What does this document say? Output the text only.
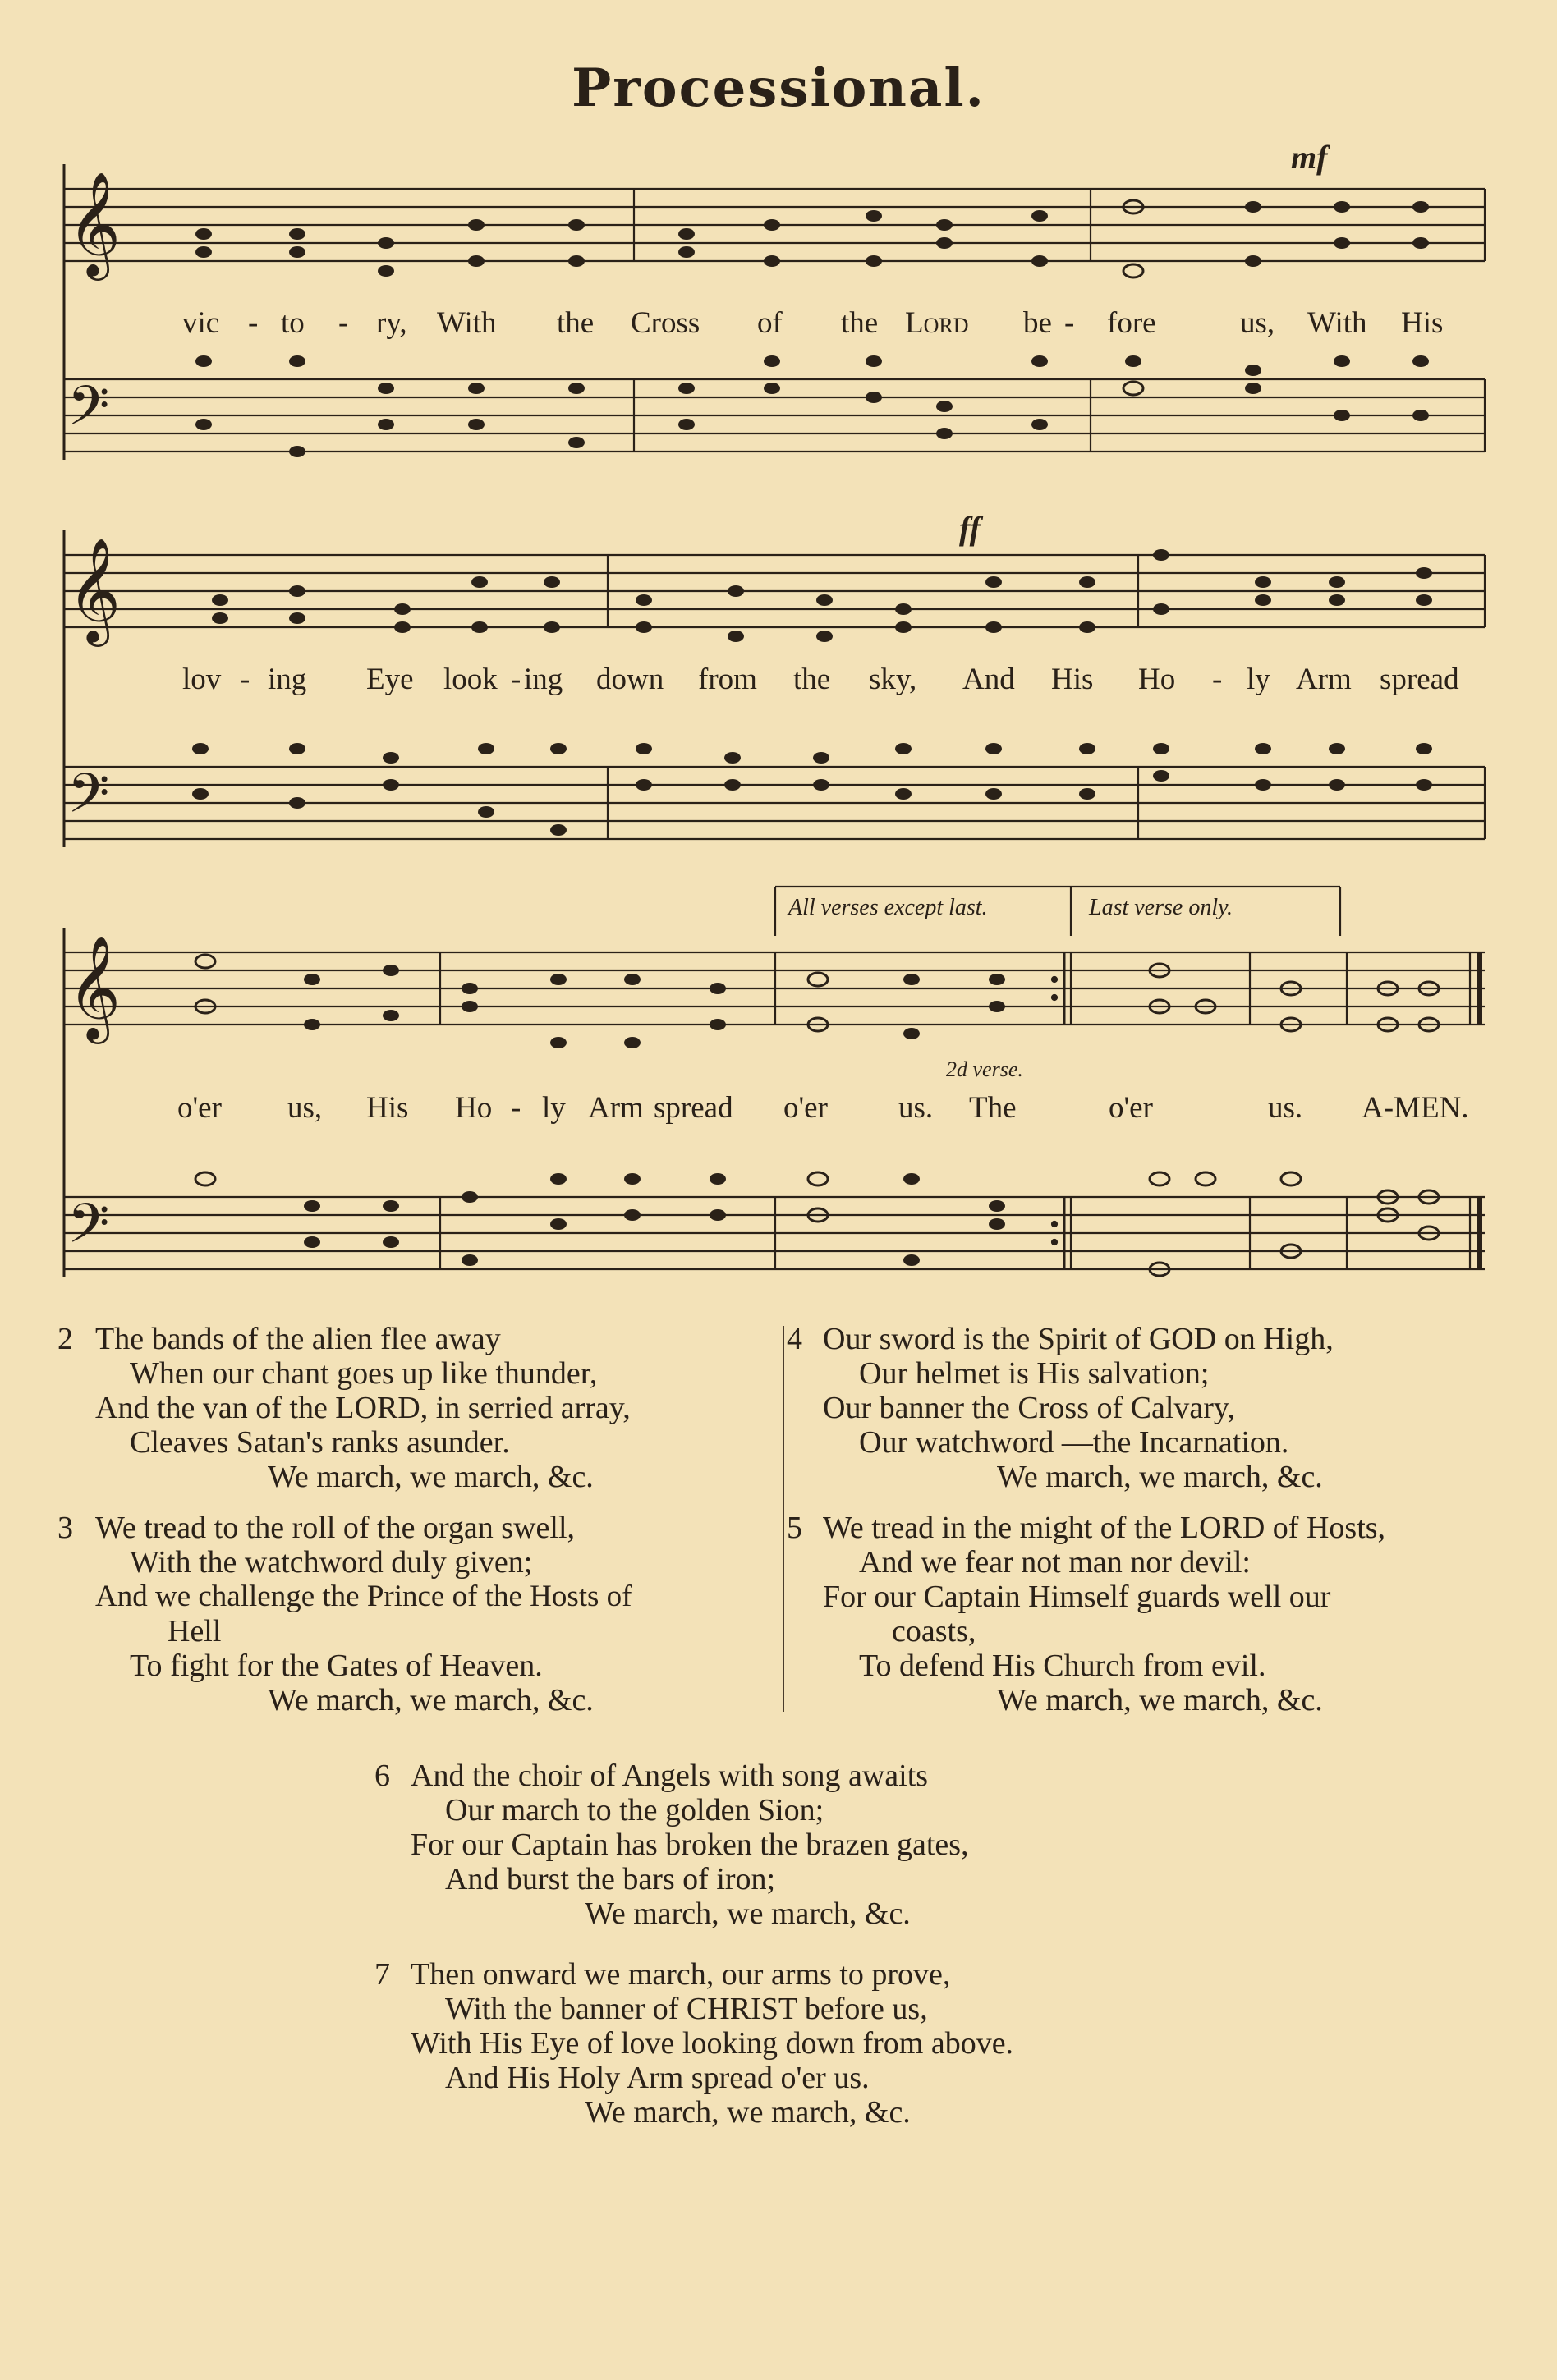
Processional.
𝄞
𝄢
𝄞
𝄢
𝄞
𝄢
mf
ff
All verses except last.	Last verse only.
2d verse.
vic - to - ry, With the Cross of the Lord be - fore	us, With His
lov - ing Eye look - ing down from the sky, And His Ho - ly Arm spread
o'er us, His Ho - ly Arm spread o'er us. The	o'er	us. A-MEN.
2 The bands of the alien flee away
When our chant goes up like thunder,
And the van of the LORD, in serried array,
Cleaves Satan's ranks asunder.
We march, we march, &c.
3 We tread to the roll of the organ swell,
With the watchword duly given;
And we challenge the Prince of the Hosts of
Hell
To fight for the Gates of Heaven.
We march, we march, &c.
4 Our sword is the Spirit of GOD on High,
Our helmet is His salvation;
Our banner the Cross of Calvary,
Our watchword —the Incarnation.
We march, we march, &c.
5 We tread in the might of the LORD of Hosts,
And we fear not man nor devil:
For our Captain Himself guards well our
coasts,
To defend His Church from evil.
We march, we march, &c.
6 And the choir of Angels with song awaits
Our march to the golden Sion;
For our Captain has broken the brazen gates,
And burst the bars of iron;
We march, we march, &c.
7 Then onward we march, our arms to prove,
With the banner of CHRIST before us,
With His Eye of love looking down from above.
And His Holy Arm spread o'er us.
We march, we march, &c.
